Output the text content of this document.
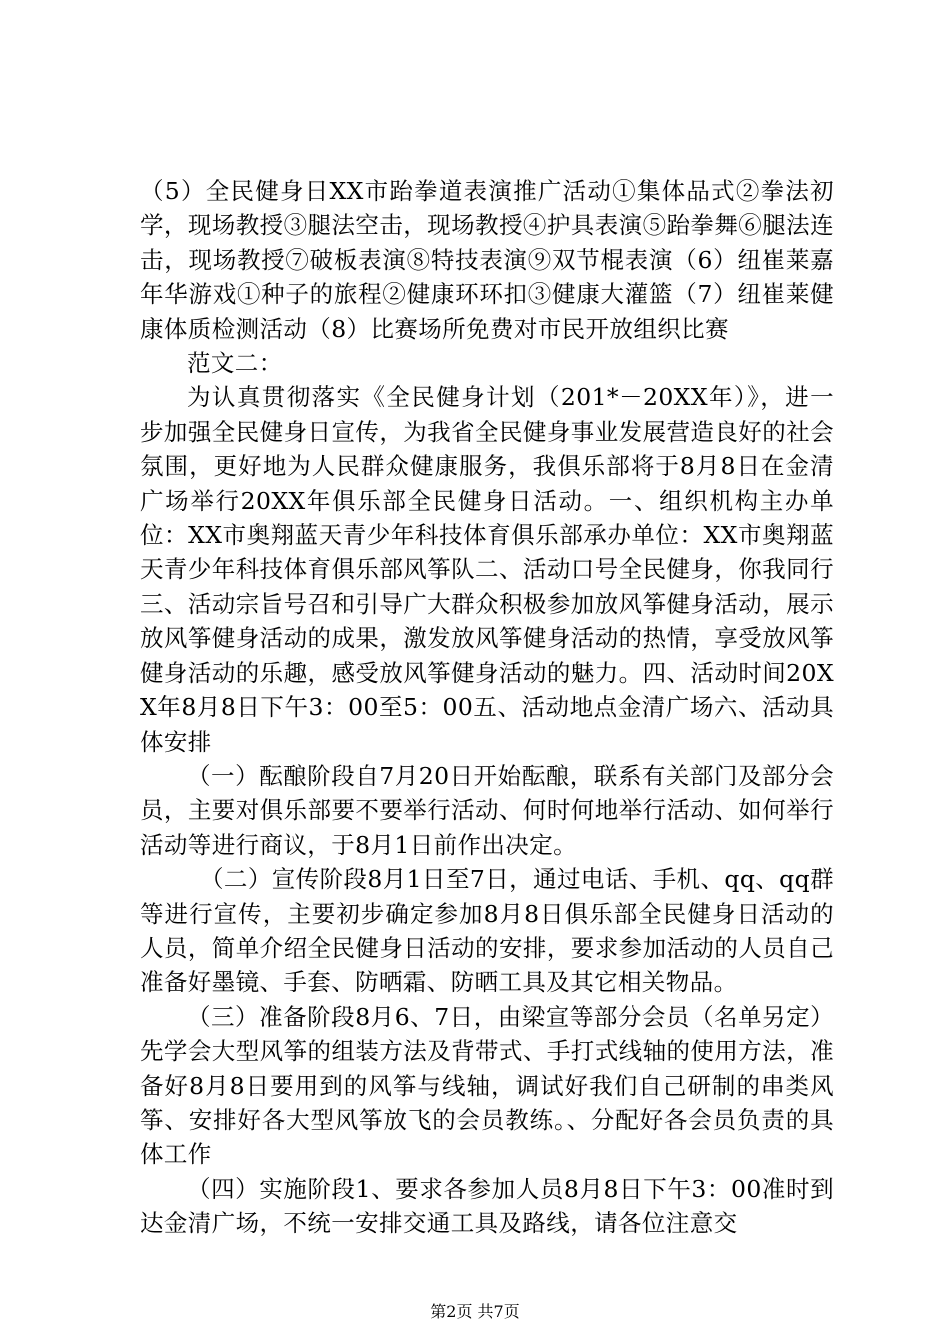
（5）全民健身日XX市跆拳道表演推广活动①集体品式②拳法初学，现场教授③腿法空击，现场教授④护具表演⑤跆拳舞⑥腿法连击，现场教授⑦破板表演⑧特技表演⑨双节棍表演（6）纽崔莱嘉年华游戏①种子的旅程②健康环环扣③健康大灌篮（7）纽崔莱健康体质检测活动（8）比赛场所免费对市民开放组织比赛

范文二：

为认真贯彻落实《全民健身计划（201*－20XX年）》，进一步加强全民健身日宣传，为我省全民健身事业发展营造良好的社会氛围，更好地为人民群众健康服务，我俱乐部将于8月8日在金清广场举行20XX年俱乐部全民健身日活动。一、组织机构主办单位：XX市奥翔蓝天青少年科技体育俱乐部承办单位：XX市奥翔蓝天青少年科技体育俱乐部风筝队二、活动口号全民健身，你我同行三、活动宗旨号召和引导广大群众积极参加放风筝健身活动，展示放风筝健身活动的成果，激发放风筝健身活动的热情，享受放风筝健身活动的乐趣，感受放风筝健身活动的魅力。四、活动时间20XX年8月8日下午3：00至5：00五、活动地点金清广场六、活动具体安排

（一）酝酿阶段自7月20日开始酝酿，联系有关部门及部分会员，主要对俱乐部要不要举行活动、何时何地举行活动、如何举行活动等进行商议，于8月1日前作出决定。

（二）宣传阶段8月1日至7日，通过电话、手机、qq、qq群等进行宣传，主要初步确定参加8月8日俱乐部全民健身日活动的人员，简单介绍全民健身日活动的安排，要求参加活动的人员自己准备好墨镜、手套、防晒霜、防晒工具及其它相关物品。

（三）准备阶段8月6、7日，由梁宣等部分会员（名单另定）先学会大型风筝的组装方法及背带式、手打式线轴的使用方法，准备好8月8日要用到的风筝与线轴，调试好我们自己研制的串类风筝、安排好各大型风筝放飞的会员教练。、分配好各会员负责的具体工作

（四）实施阶段1、要求各参加人员8月8日下午3：00准时到达金清广场，不统一安排交通工具及路线，请各位注意交

第2页 共7页
